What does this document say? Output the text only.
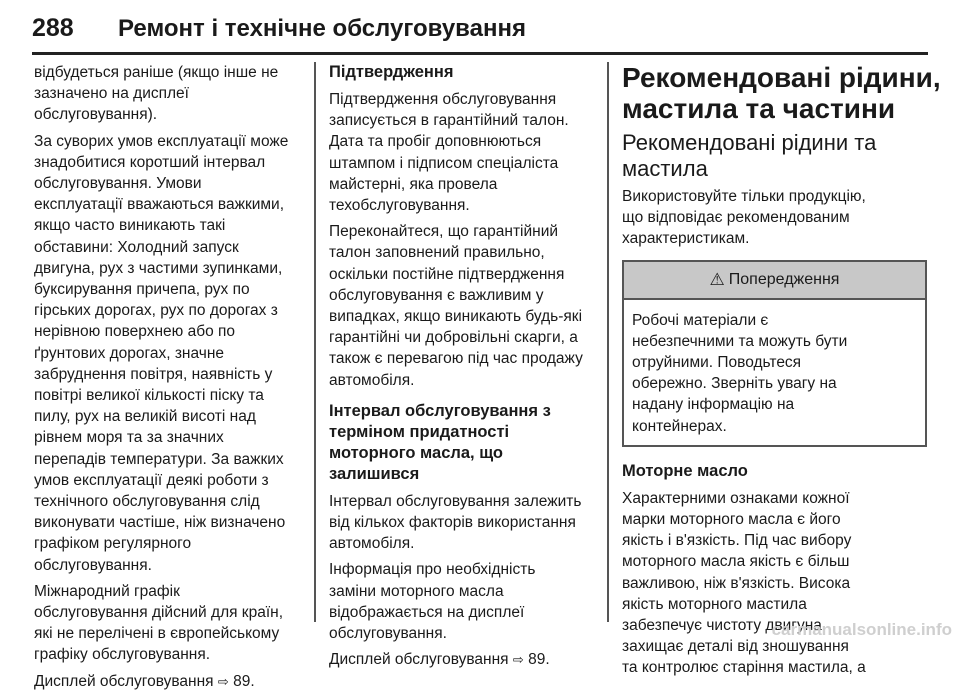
288 Ремонт і технічне обслуговування

відбудеться раніше (якщо інше не
зазначено на дисплеї
обслуговування).

За суворих умов експлуатації може
знадобитися коротший інтервал
обслуговування. Умови
експлуатації вважаються важкими,
якщо часто виникають такі
обставини: Холодний запуск
двигуна, рух з частими зупинками,
буксирування причепа, рух по
гірських дорогах, рух по дорогах з
нерівною поверхнею або по
ґрунтових дорогах, значне
забруднення повітря, наявність у
повітрі великої кількості піску та
пилу, рух на великій висоті над
рівнем моря та за значних
перепадів температури. За важких
умов експлуатації деякі роботи з
технічного обслуговування слід
виконувати частіше, ніж визначено
графіком регулярного
обслуговування.

Міжнародний графік
обслуговування дійсний для країн,
які не перелічені в європейському
графіку обслуговування.

Дисплей обслуговування ⇨ 89.

Підтвердження

Підтвердження обслуговування
записується в гарантійний талон.
Дата та пробіг доповнюються
штампом і підписом спеціаліста
майстерні, яка провела
техобслуговування.

Переконайтеся, що гарантійний
талон заповнений правильно,
оскільки постійне підтвердження
обслуговування є важливим у
випадках, якщо виникають будь-які
гарантійні чи добровільні скарги, а
також є перевагою під час продажу
автомобіля.

Інтервал обслуговування з
терміном придатності
моторного масла, що
залишився

Інтервал обслуговування залежить
від кількох факторів використання
автомобіля.

Інформація про необхідність
заміни моторного масла
відображається на дисплеї
обслуговування.

Дисплей обслуговування ⇨ 89.

Рекомендовані рідини,
мастила та частини
Рекомендовані рідини та
мастила

Використовуйте тільки продукцію,
що відповідає рекомендованим
характеристикам.

⚠ Попередження
Робочі матеріали є
небезпечними та можуть бути
отруйними. Поводьтеся
обережно. Зверніть увагу на
надану інформацію на
контейнерах.
Моторне масло

Характерними ознаками кожної
марки моторного масла є його
якість і в'язкість. Під час вибору
моторного масла якість є більш
важливою, ніж в'язкість. Висока
якість моторного мастила
забезпечує чистоту двигуна,
захищає деталі від зношування
та контролює старіння мастила, а

carmanualsonline.info
